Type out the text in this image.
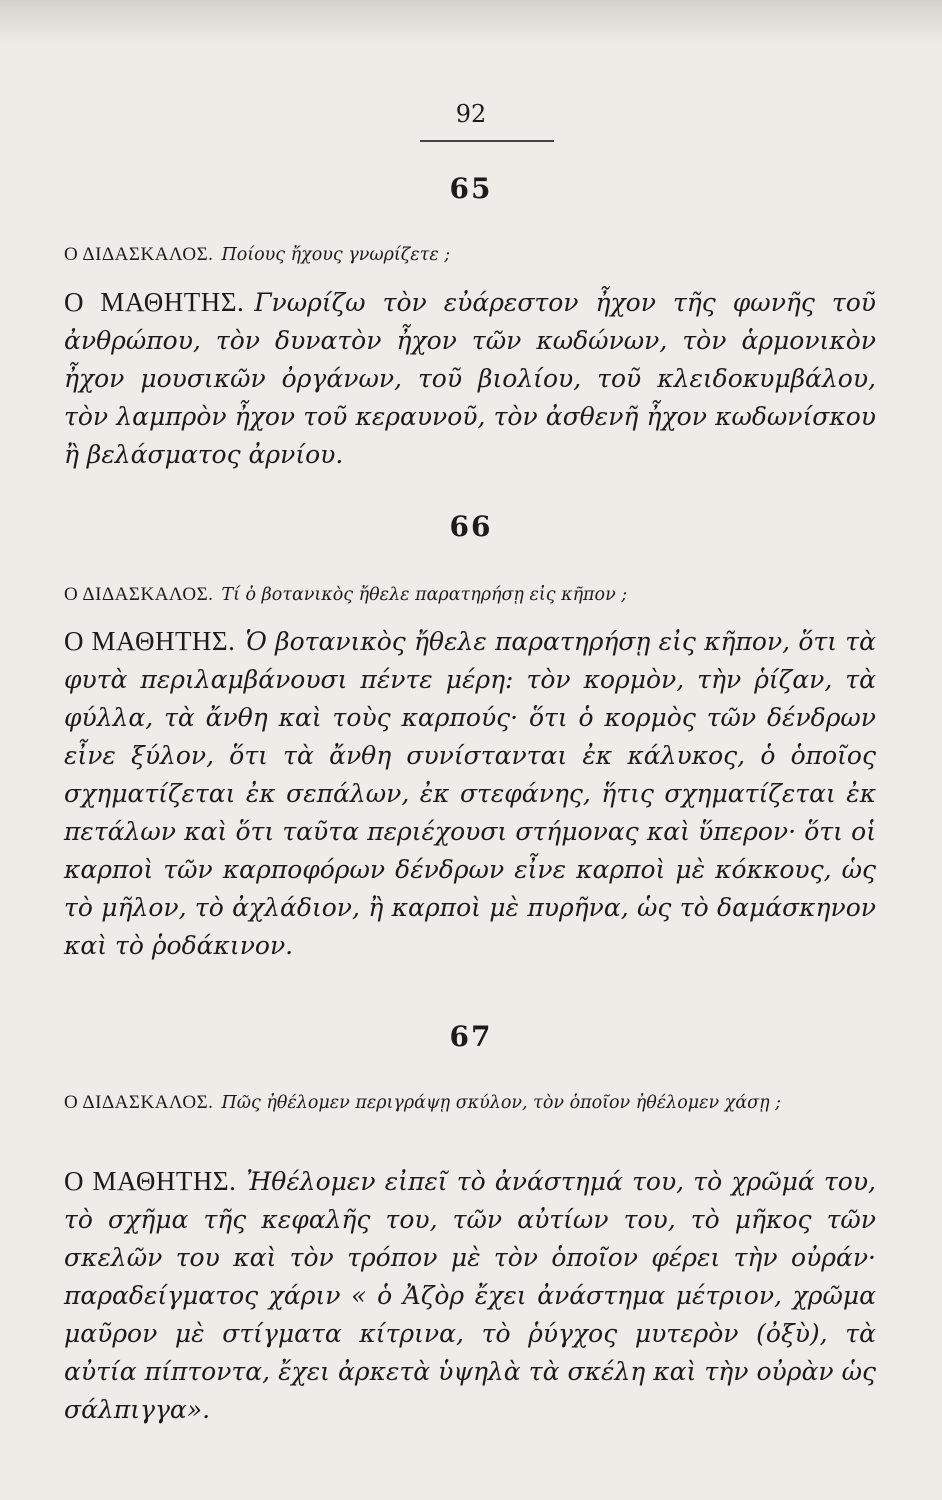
92
65
Ο ΔΙΔΑΣΚΑΛΟΣ. Ποίους ἤχους γνωρίζετε ;
Ο ΜΑΘΗΤΗΣ. Γνωρίζω τὸν εὐάρεστον ἦχον τῆς φωνῆς τοῦ ἀνθρώπου, τὸν δυνατὸν ἦχον τῶν κωδώνων, τὸν ἁρμονικὸν ἦχον μουσικῶν ὀργάνων, τοῦ βιολίου, τοῦ κλειδοκυμβάλου, τὸν λαμπρὸν ἦχον τοῦ κεραυνοῦ, τὸν ἀσθενῆ ἦχον κωδωνίσκου ἢ βελάσματος ἀρνίου.
66
Ο ΔΙΔΑΣΚΑΛΟΣ. Τί ὁ βοτανικὸς ἤθελε παρατηρήσῃ εἰς κῆπον ;
Ο ΜΑΘΗΤΗΣ. Ὁ βοτανικὸς ἤθελε παρατηρήσῃ εἰς κῆπον, ὅτι τὰ φυτὰ περιλαμβάνουσι πέντε μέρη: τὸν κορμὸν, τὴν ῥίζαν, τὰ φύλλα, τὰ ἄνθη καὶ τοὺς καρπούς· ὅτι ὁ κορμὸς τῶν δένδρων εἶνε ξύλον, ὅτι τὰ ἄνθη συνίστανται ἐκ κάλυκος, ὁ ὁποῖος σχηματίζεται ἐκ σεπάλων, ἐκ στεφάνης, ἥτις σχηματίζεται ἐκ πετάλων καὶ ὅτι ταῦτα περιέχουσι στήμονας καὶ ὕπερον· ὅτι οἱ καρποὶ τῶν καρποφόρων δένδρων εἶνε καρποὶ μὲ κόκκους, ὡς τὸ μῆλον, τὸ ἀχλάδιον, ἢ καρποὶ μὲ πυρῆνα, ὡς τὸ δαμάσκηνον καὶ τὸ ῥοδάκινον.
67
Ο ΔΙΔΑΣΚΑΛΟΣ. Πῶς ἠθέλομεν περιγράψῃ σκύλον, τὸν ὁποῖον ἠθέλομεν χάσῃ ;
Ο ΜΑΘΗΤΗΣ. Ἠθέλομεν εἰπεῖ τὸ ἀνάστημά του, τὸ χρῶμά του, τὸ σχῆμα τῆς κεφαλῆς του, τῶν αὐτίων του, τὸ μῆκος τῶν σκελῶν του καὶ τὸν τρόπον μὲ τὸν ὁποῖον φέρει τὴν οὐράν· παραδείγματος χάριν « ὁ Ἀζὸρ ἔχει ἀνάστημα μέτριον, χρῶμα μαῦρον μὲ στίγματα κίτρινα, τὸ ῥύγχος μυτερὸν (ὀξὺ), τὰ αὐτία πίπτοντα, ἔχει ἀρκετὰ ὑψηλὰ τὰ σκέλη καὶ τὴν οὐρὰν ὡς σάλπιγγα».
